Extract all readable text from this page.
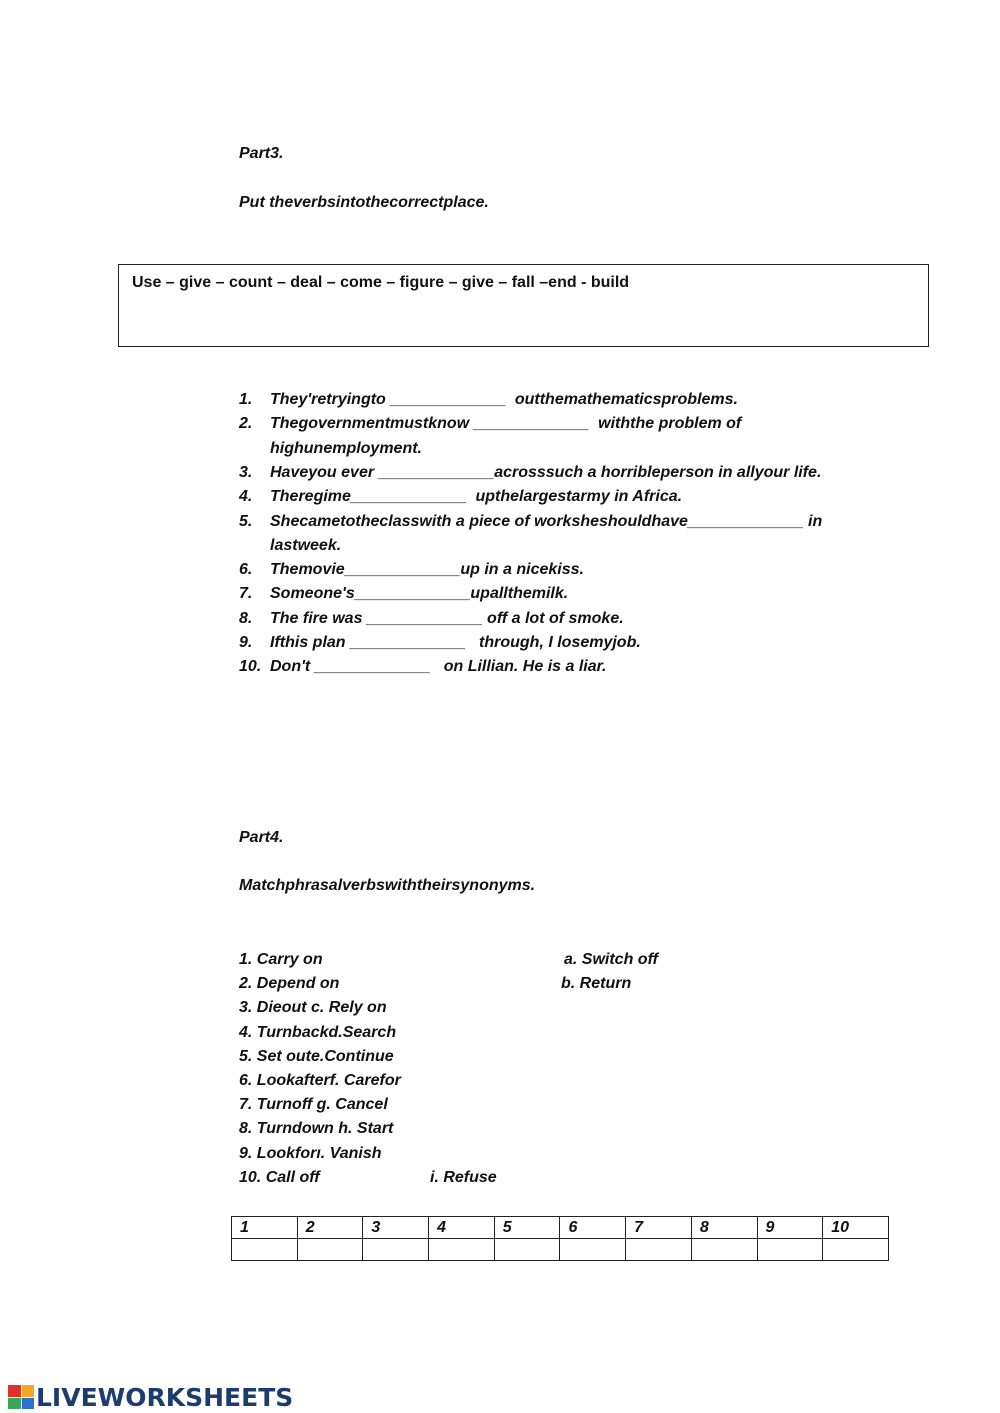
Part3.
Put theverbsintothecorrectplace.
Use – give – count – deal – come – figure – give – fall –end - build
1. They'retryingto _____________  outthemathematicsproblems.
2. Thegovernmentmustknow _____________  withthe problem of
highunemployment.
3. Haveyou ever _____________acrosssuch a horribleperson in allyour life.
4. Theregime_____________  upthelargestarmy in Africa.
5. Shecametotheclasswith a piece of worksheshouldhave_____________ in
lastweek.
6. Themovie_____________up in a nicekiss.
7. Someone's_____________upallthemilk.
8. The fire was _____________ off a lot of smoke.
9. Ifthis plan _____________   through, I losemyjob.
10. Don't _____________   on Lillian. He is a liar.
Part4.
Matchphrasalverbswiththeirsynonyms.
1. Carry on	a. Switch off
2. Depend on	b. Return
3. Dieout c. Rely on
4. Turnbackd.Search
5. Set oute.Continue
6. Lookafterf. Carefor
7. Turnoff g. Cancel
8. Turndown h. Start
9. Lookforı. Vanish
10. Call off	i. Refuse
1	2	3	4	5	6	7	8	9	10

LIVEWORKSHEETS
